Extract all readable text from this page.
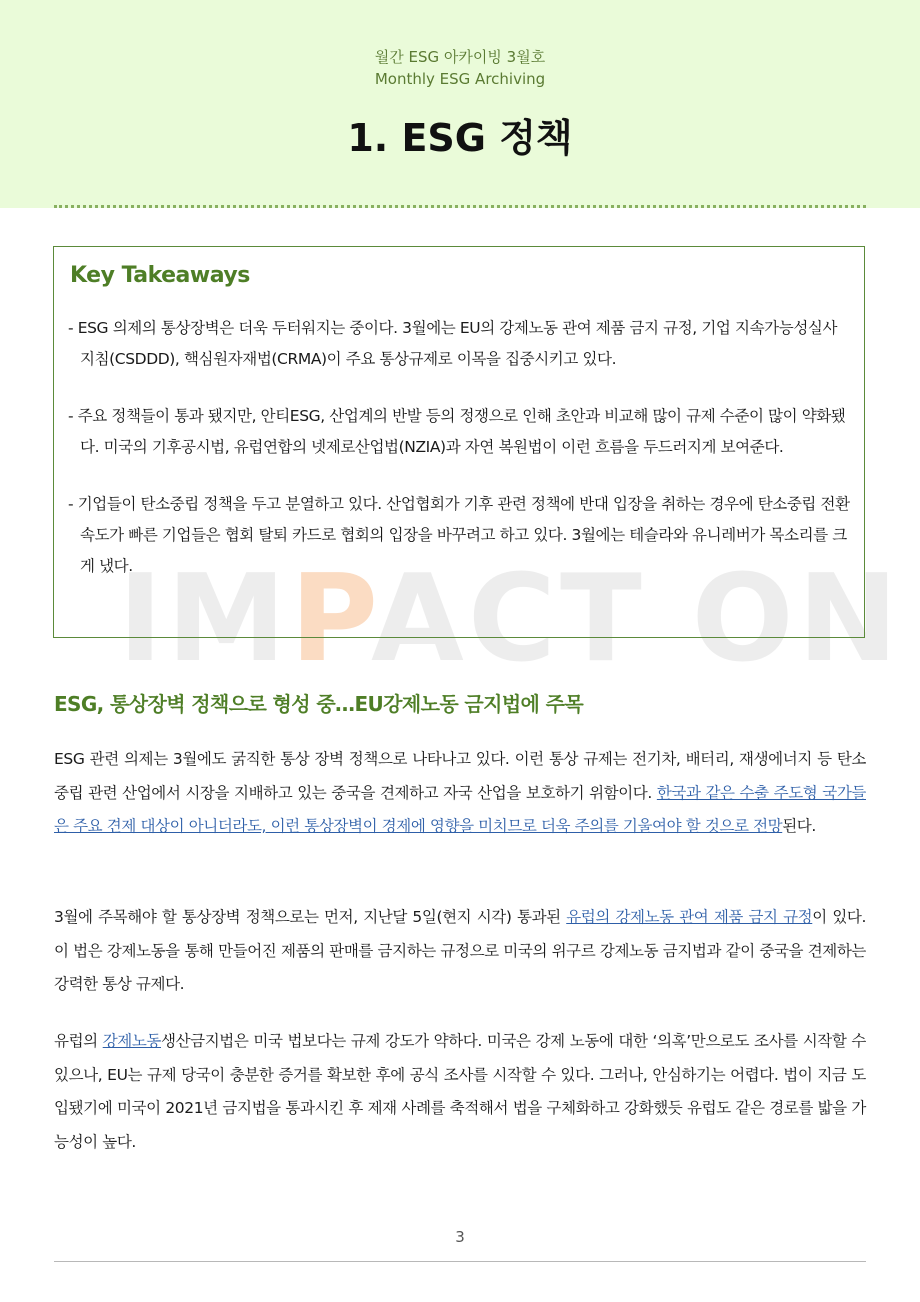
월간 ESG 아카이빙 3월호
Monthly ESG Archiving
1. ESG 정책
IMPACT ON
Key Takeaways
- ESG 의제의 통상장벽은 더욱 두터워지는 중이다. 3월에는 EU의 강제노동 관여 제품 금지 규정, 기업 지속가능성실사 지침(CSDDD), 핵심원자재법(CRMA)이 주요 통상규제로 이목을 집중시키고 있다.
- 주요 정책들이 통과 됐지만, 안티ESG, 산업계의 반발 등의 정쟁으로 인해 초안과 비교해 많이 규제 수준이 많이 약화됐다. 미국의 기후공시법, 유럽연합의 넷제로산업법(NZIA)과 자연 복원법이 이런 흐름을 두드러지게 보여준다.
- 기업들이 탄소중립 정책을 두고 분열하고 있다. 산업협회가 기후 관련 정책에 반대 입장을 취하는 경우에 탄소중립 전환 속도가 빠른 기업들은 협회 탈퇴 카드로 협회의 입장을 바꾸려고 하고 있다. 3월에는 테슬라와 유니레버가 목소리를 크게 냈다.
ESG, 통상장벽 정책으로 형성 중…EU강제노동 금지법에 주목

ESG 관련 의제는 3월에도 굵직한 통상 장벽 정책으로 나타나고 있다. 이런 통상 규제는 전기차, 배터리, 재생에너지 등 탄소중립 관련 산업에서 시장을 지배하고 있는 중국을 견제하고 자국 산업을 보호하기 위함이다. 한국과 같은 수출 주도형 국가들은 주요 견제 대상이 아니더라도, 이런 통상장벽이 경제에 영향을 미치므로 더욱 주의를 기울여야 할 것으로 전망된다.

3월에 주목해야 할 통상장벽 정책으로는 먼저, 지난달 5일(현지 시각) 통과된 유럽의 강제노동 관여 제품 금지 규정이 있다. 이 법은 강제노동을 통해 만들어진 제품의 판매를 금지하는 규정으로 미국의 위구르 강제노동 금지법과 같이 중국을 견제하는 강력한 통상 규제다.

유럽의 강제노동생산금지법은 미국 법보다는 규제 강도가 약하다. 미국은 강제 노동에 대한 ‘의혹’만으로도 조사를 시작할 수 있으나, EU는 규제 당국이 충분한 증거를 확보한 후에 공식 조사를 시작할 수 있다. 그러나, 안심하기는 어렵다. 법이 지금 도입됐기에 미국이 2021년 금지법을 통과시킨 후 제재 사례를 축적해서 법을 구체화하고 강화했듯 유럽도 같은 경로를 밟을 가능성이 높다.

3
